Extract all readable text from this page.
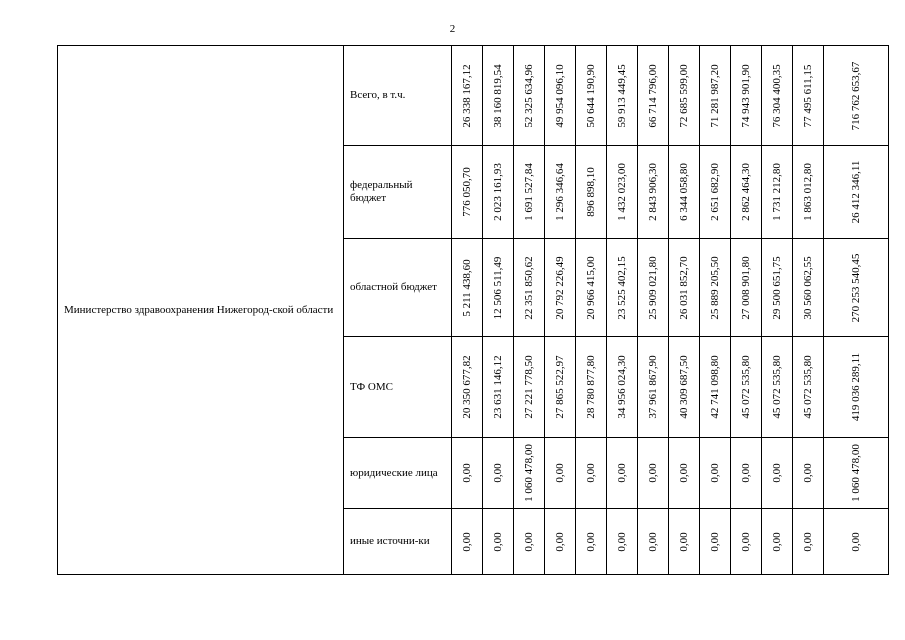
2
Министерство здравоохранения Нижегород-ской области	Всего, в т.ч.	26 338 167,12	38 160 819,54	52 325 634,96	49 954 096,10	50 644 190,90	59 913 449,45	66 714 796,00	72 685 599,00	71 281 987,20	74 943 901,90	76 304 400,35	77 495 611,15	716 762 653,67

	федеральный бюджет	776 050,70	2 023 161,93	1 691 527,84	1 296 346,64	896 898,10	1 432 023,00	2 843 906,30	6 344 058,80	2 651 682,90	2 862 464,30	1 731 212,80	1 863 012,80	26 412 346,11

	областной бюджет	5 211 438,60	12 506 511,49	22 351 850,62	20 792 226,49	20 966 415,00	23 525 402,15	25 909 021,80	26 031 852,70	25 889 205,50	27 008 901,80	29 500 651,75	30 560 062,55	270 253 540,45

	ТФ ОМС	20 350 677,82	23 631 146,12	27 221 778,50	27 865 522,97	28 780 877,80	34 956 024,30	37 961 867,90	40 309 687,50	42 741 098,80	45 072 535,80	45 072 535,80	45 072 535,80	419 036 289,11

	юридические лица	0,00	0,00	1 060 478,00	0,00	0,00	0,00	0,00	0,00	0,00	0,00	0,00	0,00	1 060 478,00

	иные источни-ки	0,00	0,00	0,00	0,00	0,00	0,00	0,00	0,00	0,00	0,00	0,00	0,00	0,00
